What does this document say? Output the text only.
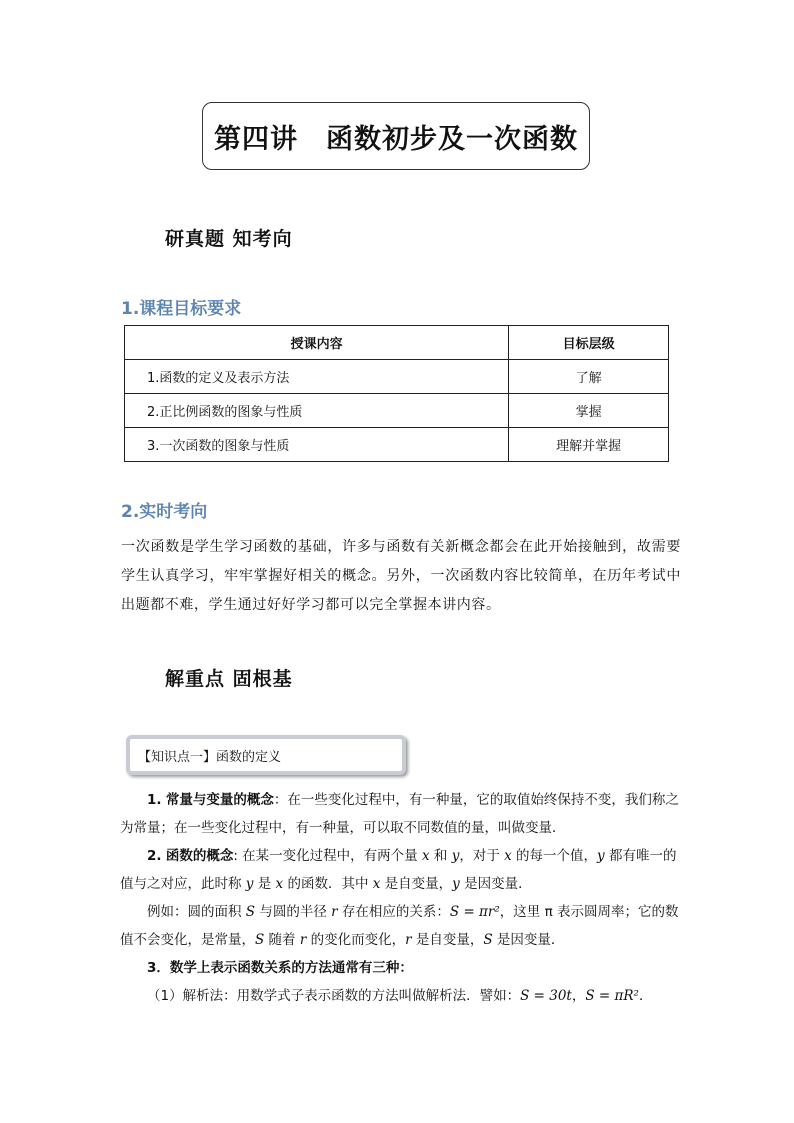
第四讲　函数初步及一次函数
研真题 知考向
1.课程目标要求
授课内容	目标层级
1.函数的定义及表示方法	了解
2.正比例函数的图象与性质	掌握
3.一次函数的图象与性质	理解并掌握
2.实时考向
一次函数是学生学习函数的基础，许多与函数有关新概念都会在此开始接触到，故需要学生认真学习，牢牢掌握好相关的概念。另外，一次函数内容比较简单，在历年考试中出题都不难，学生通过好好学习都可以完全掌握本讲内容。
解重点 固根基
【知识点一】函数的定义

1. 常量与变量的概念：在一些变化过程中，有一种量，它的取值始终保持不变，我们称之为常量；在一些变化过程中，有一种量，可以取不同数值的量，叫做变量．

2. 函数的概念: 在某一变化过程中，有两个量 x 和 y，对于 x 的每一个值，y 都有唯一的值与之对应，此时称 y 是 x 的函数．其中 x 是自变量，y 是因变量．

例如：圆的面积 S 与圆的半径 r 存在相应的关系：S = πr²，这里 π 表示圆周率；它的数值不会变化，是常量，S 随着 r 的变化而变化，r 是自变量，S 是因变量．

3．数学上表示函数关系的方法通常有三种：

（1）解析法：用数学式子表示函数的方法叫做解析法．譬如：S = 30t，S = πR²．
